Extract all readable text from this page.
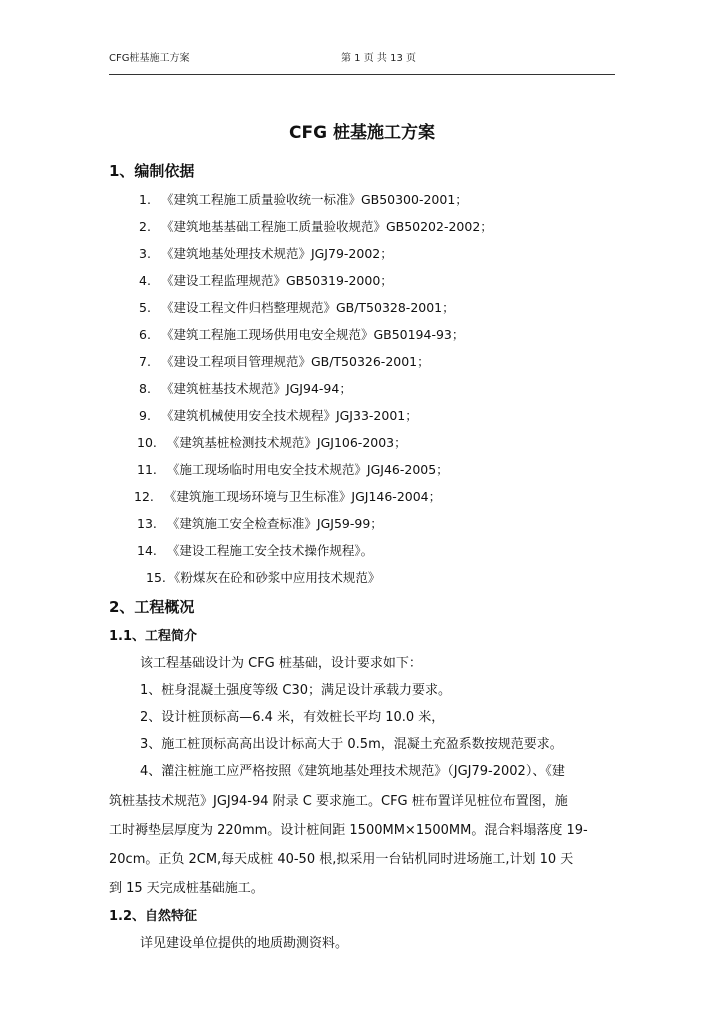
CFG桩基施工方案	第 1 页 共 13 页
CFG 桩基施工方案
1、编制依据
1. 《建筑工程施工质量验收统一标准》GB50300-2001；
2. 《建筑地基基础工程施工质量验收规范》GB50202-2002；
3. 《建筑地基处理技术规范》JGJ79-2002；
4. 《建设工程监理规范》GB50319-2000；
5. 《建设工程文件归档整理规范》GB/T50328-2001；
6. 《建筑工程施工现场供用电安全规范》GB50194-93；
7. 《建设工程项目管理规范》GB/T50326-2001；
8. 《建筑桩基技术规范》JGJ94-94；
9. 《建筑机械使用安全技术规程》JGJ33-2001；
10. 《建筑基桩检测技术规范》JGJ106-2003；
11. 《施工现场临时用电安全技术规范》JGJ46-2005；
12. 《建筑施工现场环境与卫生标准》JGJ146-2004；
13. 《建筑施工安全检查标准》JGJ59-99；
14. 《建设工程施工安全技术操作规程》。
15. 《粉煤灰在砼和砂浆中应用技术规范》
2、工程概况
1.1、工程简介
该工程基础设计为 CFG 桩基础，设计要求如下：
1、桩身混凝土强度等级 C30；满足设计承载力要求。
2、设计桩顶标高—6.4 米，有效桩长平均 10.0 米，
3、施工桩顶标高高出设计标高大于 0.5m，混凝土充盈系数按规范要求。
4、灌注桩施工应严格按照《建筑地基处理技术规范》（JGJ79-2002）、《建
筑桩基技术规范》JGJ94-94 附录 C 要求施工。CFG 桩布置详见桩位布置图，施
工时褥垫层厚度为 220mm。设计桩间距 1500MM×1500MM。混合料塌落度 19-
20cm。正负 2CM,每天成桩 40-50 根,拟采用一台钻机同时进场施工,计划 10 天
到 15 天完成桩基础施工。
1.2、自然特征
详见建设单位提供的地质勘测资料。
